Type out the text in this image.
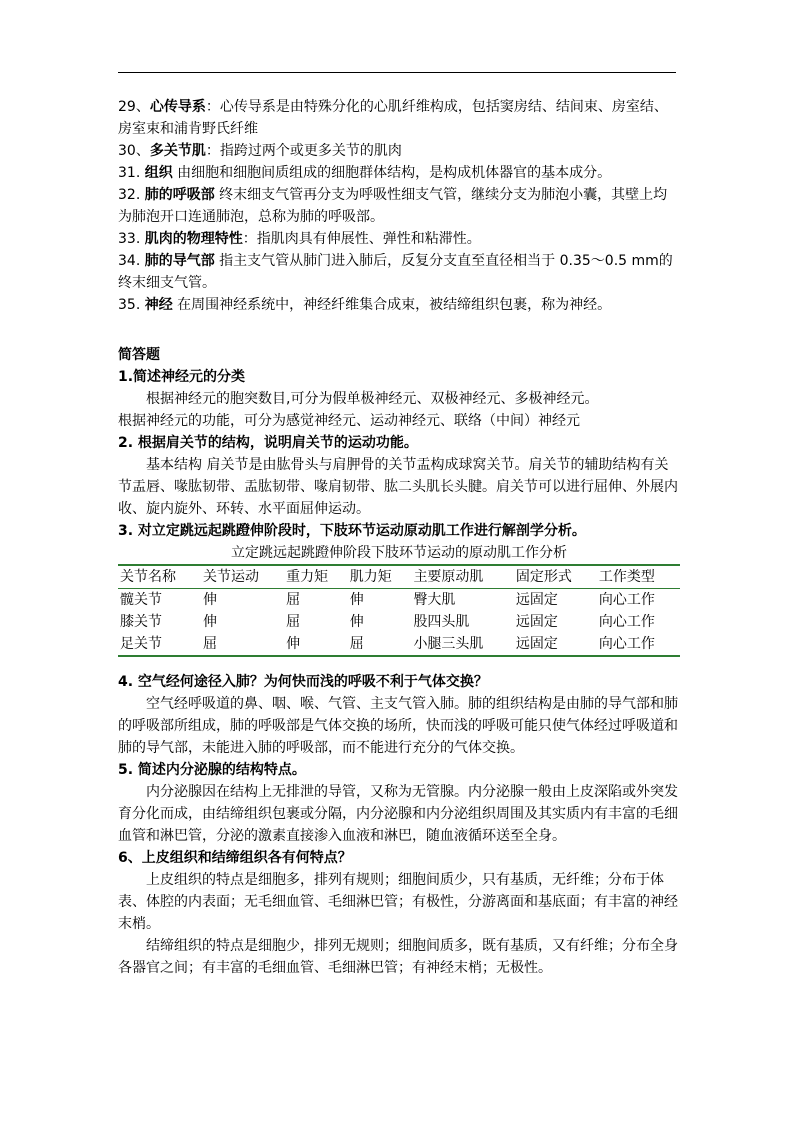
29、心传导系：心传导系是由特殊分化的心肌纤维构成，包括窦房结、结间束、房室结、房室束和浦肯野氏纤维

30、多关节肌：指跨过两个或更多关节的肌肉

31. 组织 由细胞和细胞间质组成的细胞群体结构，是构成机体器官的基本成分。

32. 肺的呼吸部 终末细支气管再分支为呼吸性细支气管，继续分支为肺泡小囊，其壁上均为肺泡开口连通肺泡，总称为肺的呼吸部。

33. 肌肉的物理特性：指肌肉具有伸展性、弹性和粘滞性。

34. 肺的导气部 指主支气管从肺门进入肺后，反复分支直至直径相当于 0.35～0.5 mm的终末细支气管。

35. 神经 在周围神经系统中，神经纤维集合成束，被结缔组织包裹，称为神经。

简答题

1.简述神经元的分类

根据神经元的胞突数目,可分为假单极神经元、双极神经元、多极神经元。

根据神经元的功能，可分为感觉神经元、运动神经元、联络（中间）神经元

2. 根据肩关节的结构，说明肩关节的运动功能。

基本结构 肩关节是由肱骨头与肩胛骨的关节盂构成球窝关节。肩关节的辅助结构有关节盂唇、喙肱韧带、盂肱韧带、喙肩韧带、肱二头肌长头腱。肩关节可以进行屈伸、外展内收、旋内旋外、环转、水平面屈伸运动。

3. 对立定跳远起跳蹬伸阶段时，下肢环节运动原动肌工作进行解剖学分析。

立定跳远起跳蹬伸阶段下肢环节运动的原动肌工作分析

关节名称	关节运动	重力矩	肌力矩	主要原动肌	固定形式	工作类型
髋关节	伸	屈	伸	臀大肌	远固定	向心工作
膝关节	伸	屈	伸	股四头肌	远固定	向心工作
足关节	屈	伸	屈	小腿三头肌	远固定	向心工作

4. 空气经何途径入肺？为何快而浅的呼吸不利于气体交换？

空气经呼吸道的鼻、咽、喉、气管、主支气管入肺。肺的组织结构是由肺的导气部和肺的呼吸部所组成，肺的呼吸部是气体交换的场所，快而浅的呼吸可能只使气体经过呼吸道和肺的导气部，未能进入肺的呼吸部，而不能进行充分的气体交换。

5. 简述内分泌腺的结构特点。

内分泌腺因在结构上无排泄的导管，又称为无管腺。内分泌腺一般由上皮深陷或外突发育分化而成，由结缔组织包裹或分隔，内分泌腺和内分泌组织周围及其实质内有丰富的毛细血管和淋巴管，分泌的激素直接渗入血液和淋巴，随血液循环送至全身。

6、上皮组织和结缔组织各有何特点？

上皮组织的特点是细胞多，排列有规则；细胞间质少，只有基质，无纤维；分布于体表、体腔的内表面；无毛细血管、毛细淋巴管；有极性，分游离面和基底面；有丰富的神经末梢。

结缔组织的特点是细胞少，排列无规则；细胞间质多，既有基质，又有纤维；分布全身各器官之间；有丰富的毛细血管、毛细淋巴管；有神经末梢；无极性。
